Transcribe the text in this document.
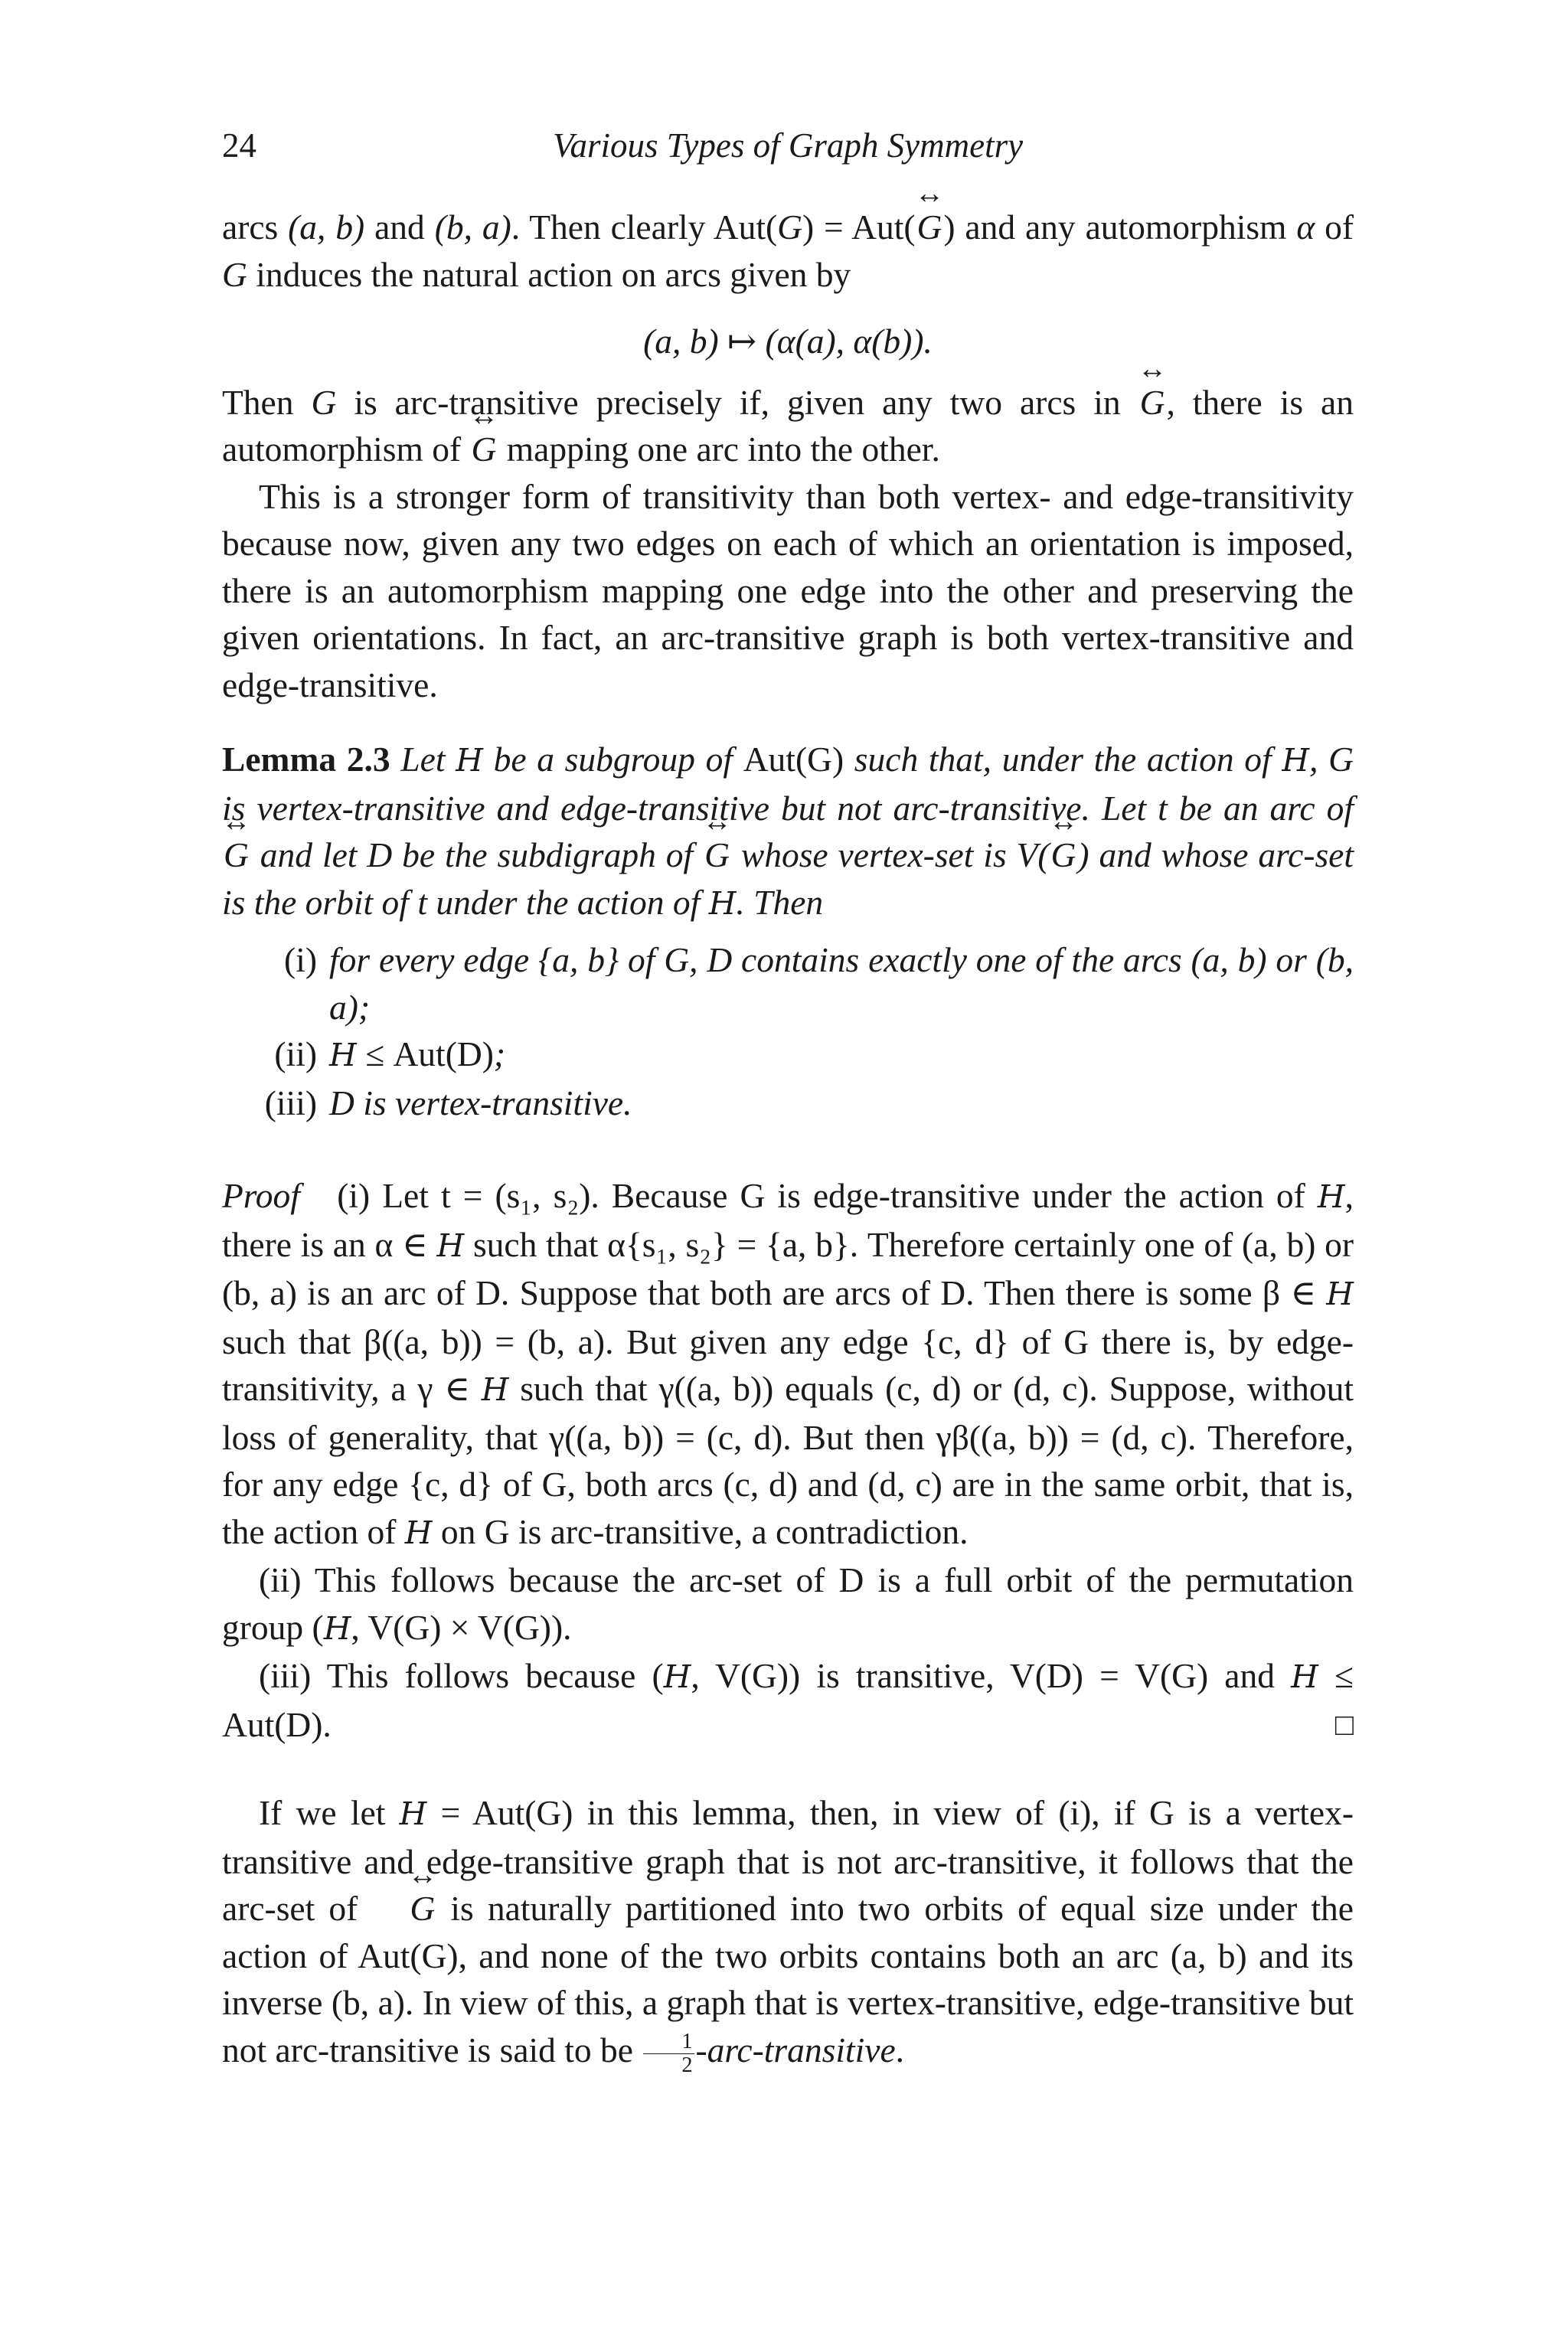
24	Various Types of Graph Symmetry

arcs (a, b) and (b, a). Then clearly Aut(G) = Aut(↔ G) and any automorphism α of G induces the natural action on arcs given by

(a, b) ↦ (α(a), α(b)).

Then G is arc-transitive precisely if, given any two arcs in ↔ G, there is an automorphism of ↔ G mapping one arc into the other.

This is a stronger form of transitivity than both vertex- and edge-transitivity because now, given any two edges on each of which an orientation is imposed, there is an automorphism mapping one edge into the other and preserving the given orientations. In fact, an arc-transitive graph is both vertex-transitive and edge-transitive.

Lemma 2.3 Let H be a subgroup of Aut(G) such that, under the action of H, G is vertex-transitive and edge-transitive but not arc-transitive. Let t be an arc of ↔ G and let D be the subdigraph of ↔ G whose vertex-set is V(↔ G) and whose arc-set is the orbit of t under the action of H. Then

(i) for every edge {a, b} of G, D contains exactly one of the arcs (a, b) or (b, a);
(ii) H ≤ Aut(D);
(iii) D is vertex-transitive.

Proof (i) Let t = (s₁, s₂). Because G is edge-transitive under the action of H, there is an α ∈ H such that α{s₁, s₂} = {a, b}. Therefore certainly one of (a, b) or (b, a) is an arc of D. Suppose that both are arcs of D. Then there is some β ∈ H such that β((a, b)) = (b, a). But given any edge {c, d} of G there is, by edge-transitivity, a γ ∈ H such that γ((a, b)) equals (c, d) or (d, c). Suppose, without loss of generality, that γ((a, b)) = (c, d). But then γβ((a, b)) = (d, c). Therefore, for any edge {c, d} of G, both arcs (c, d) and (d, c) are in the same orbit, that is, the action of H on G is arc-transitive, a contradiction.

(ii) This follows because the arc-set of D is a full orbit of the permutation group (H, V(G) × V(G)).

(iii) This follows because (H, V(G)) is transitive, V(D) = V(G) and H ≤ Aut(D).	□

If we let H = Aut(G) in this lemma, then, in view of (i), if G is a vertex-transitive and edge-transitive graph that is not arc-transitive, it follows that the arc-set of ↔ G is naturally partitioned into two orbits of equal size under the action of Aut(G), and none of the two orbits contains both an arc (a, b) and its inverse (b, a). In view of this, a graph that is vertex-transitive, edge-transitive but not arc-transitive is said to be $\frac{1}{2}$ -arc-transitive.
